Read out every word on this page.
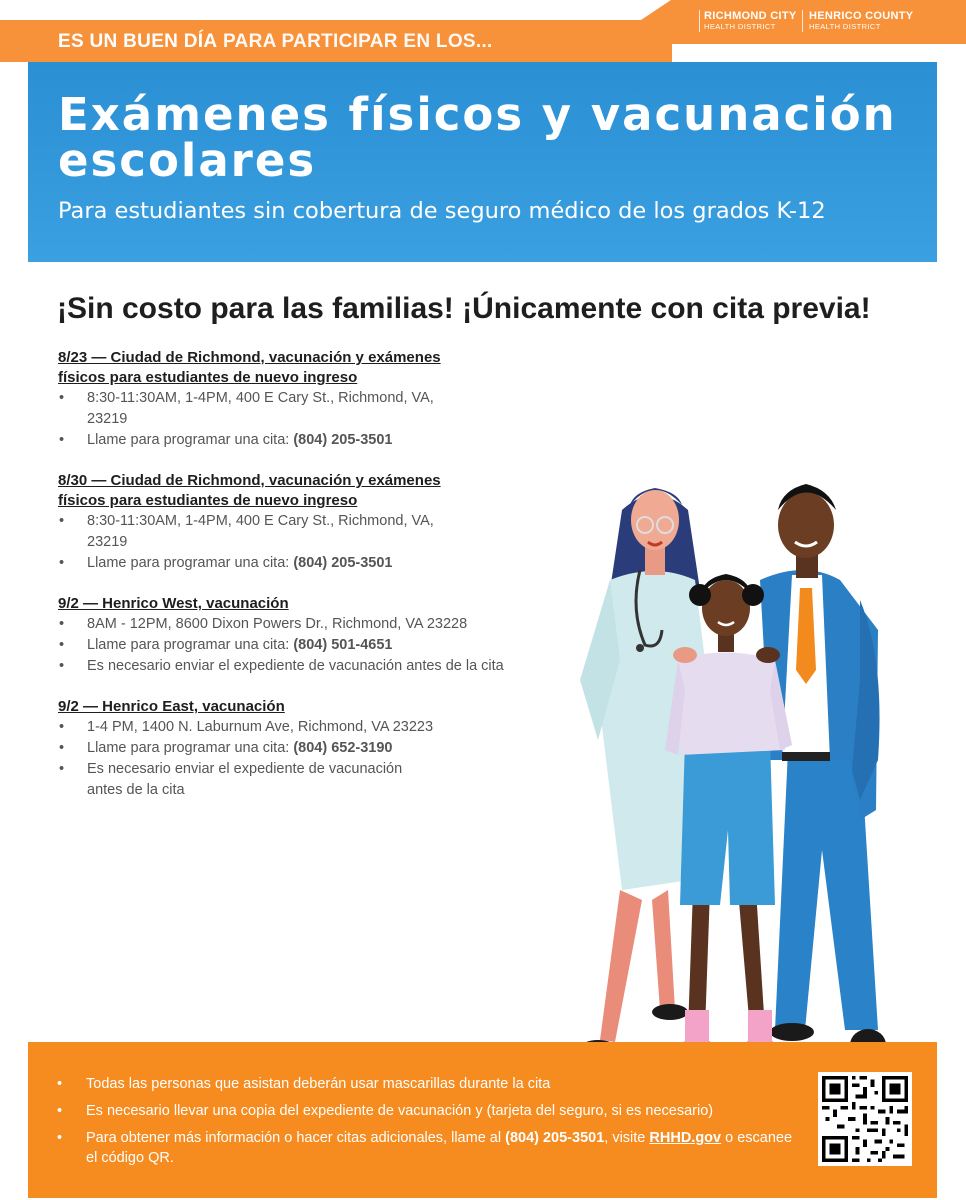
ES UN BUEN DÍA PARA PARTICIPAR EN LOS...
RICHMOND CITY
HEALTH DISTRICT
HENRICO COUNTY
HEALTH DISTRICT
Exámenes físicos y vacunación escolares
Para estudiantes sin cobertura de seguro médico de los grados K-12
¡Sin costo para las familias! ¡Únicamente con cita previa!
8/23 — Ciudad de Richmond, vacunación y exámenes físicos para estudiantes de nuevo ingreso
• 8:30-11:30AM, 1-4PM, 400 E Cary St., Richmond, VA, 23219
• Llame para programar una cita: (804) 205-3501
8/30 — Ciudad de Richmond, vacunación y exámenes físicos para estudiantes de nuevo ingreso
• 8:30-11:30AM, 1-4PM, 400 E Cary St., Richmond, VA, 23219
• Llame para programar una cita: (804) 205-3501
9/2 — Henrico West, vacunación
• 8AM - 12PM, 8600 Dixon Powers Dr., Richmond, VA 23228
• Llame para programar una cita: (804) 501-4651
• Es necesario enviar el expediente de vacunación antes de la cita
9/2 — Henrico East, vacunación
• 1-4 PM, 1400 N. Laburnum Ave, Richmond, VA 23223
• Llame para programar una cita: (804) 652-3190
• Es necesario enviar el expediente de vacunación antes de la cita
• Todas las personas que asistan deberán usar mascarillas durante la cita
• Es necesario llevar una copia del expediente de vacunación y (tarjeta del seguro, si es necesario)
• Para obtener más información o hacer citas adicionales, llame al (804) 205-3501, visite RHHD.gov o escanee el código QR.
